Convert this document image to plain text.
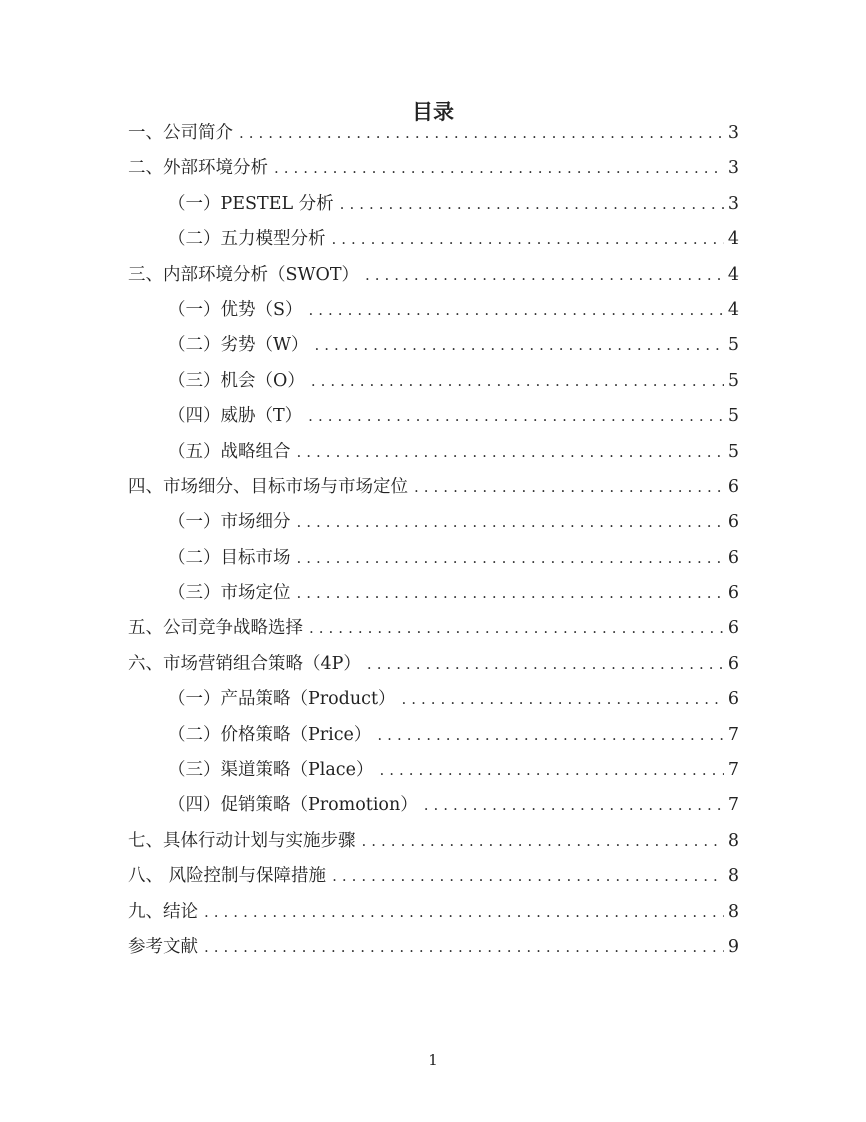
目录
一、公司简介 .....	3
二、外部环境分析 .....	3
（一）PESTEL 分析 .....	3
（二）五力模型分析 .....	4
三、内部环境分析（SWOT） .....	4
（一）优势（S） .....	4
（二）劣势（W） .....	5
（三）机会（O） .....	5
（四）威胁（T） .....	5
（五）战略组合 .....	5
四、市场细分、目标市场与市场定位 .....	6
（一）市场细分 .....	6
（二）目标市场 .....	6
（三）市场定位 .....	6
五、公司竞争战略选择 .....	6
六、市场营销组合策略（4P） .....	6
（一）产品策略（Product） .....	6
（二）价格策略（Price） .....	7
（三）渠道策略（Place） .....	7
（四）促销策略（Promotion） .....	7
七、具体行动计划与实施步骤 .....	8
八、 风险控制与保障措施 .....	8
九、结论 .....	8
参考文献 .....	9
1
